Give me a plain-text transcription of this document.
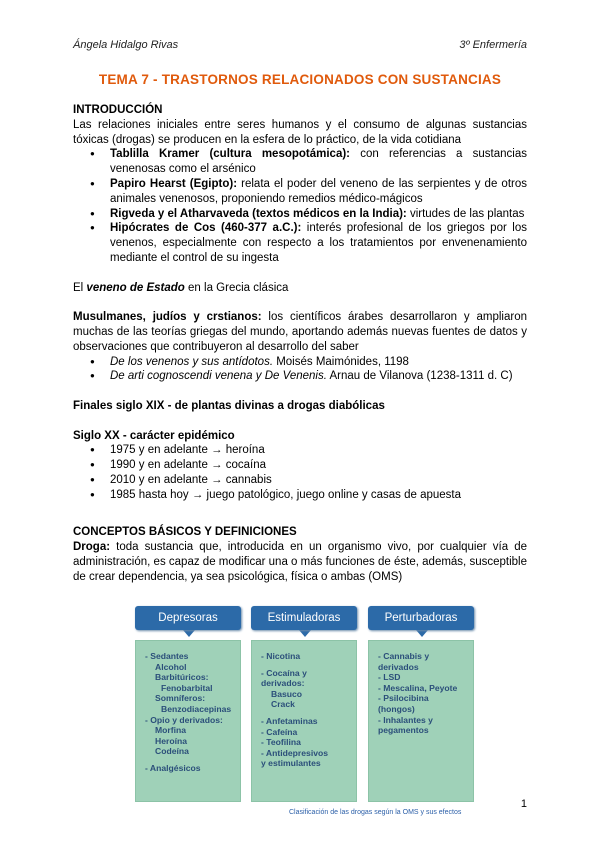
Ángela Hidalgo Rivas	3º Enfermería
TEMA 7 - TRASTORNOS RELACIONADOS CON SUSTANCIAS
INTRODUCCIÓN

Las relaciones iniciales entre seres humanos y el consumo de algunas sustancias tóxicas (drogas) se producen en la esfera de lo práctico, de la vida cotidiana

● Tablilla Kramer (cultura mesopotámica): con referencias a sustancias venenosas como el arsénico
● Papiro Hearst (Egipto): relata el poder del veneno de las serpientes y de otros animales venenosos, proponiendo remedios médico-mágicos
● Rigveda y el Atharvaveda (textos médicos en la India): virtudes de las plantas
● Hipócrates de Cos (460-377 a.C.): interés profesional de los griegos por los venenos, especialmente con respecto a los tratamientos por envenenamiento mediante el control de su ingesta

El veneno de Estado en la Grecia clásica

Musulmanes, judíos y crstianos: los científicos árabes desarrollaron y ampliaron muchas de las teorías griegas del mundo, aportando además nuevas fuentes de datos y observaciones que contribuyeron al desarrollo del saber

● De los venenos y sus antídotos. Moisés Maimónides, 1198
● De arti cognoscendi venena y De Venenis. Arnau de Vilanova (1238-1311 d. C)
Finales siglo XIX - de plantas divinas a drogas diabólicas
Siglo XX - carácter epidémico
● 1975 y en adelante → heroína
● 1990 y en adelante → cocaína
● 2010 y en adelante → cannabis
● 1985 hasta hoy → juego patológico, juego online y casas de apuesta
CONCEPTOS BÁSICOS Y DEFINICIONES

Droga: toda sustancia que, introducida en un organismo vivo, por cualquier vía de administración, es capaz de modificar una o más funciones de éste, además, susceptible de crear dependencia, ya sea psicológica, física o ambas (OMS)

Depresoras
- Sedantes
Alcohol
Barbitúricos:
Fenobarbital
Somníferos:
Benzodiacepinas
- Opio y derivados:
Morfina
Heroína
Codeína
- Analgésicos
Estimuladoras
- Nicotina
- Cocaína y derivados:
Basuco
Crack
- Anfetaminas
- Cafeína
- Teofilina
- Antidepresivos
y estimulantes
Perturbadoras
- Cannabis y
derivados
- LSD
- Mescalina, Peyote
- Psilocibina (hongos)
- Inhalantes y
pegamentos
Clasificación de las drogas según la OMS y sus efectos
1
